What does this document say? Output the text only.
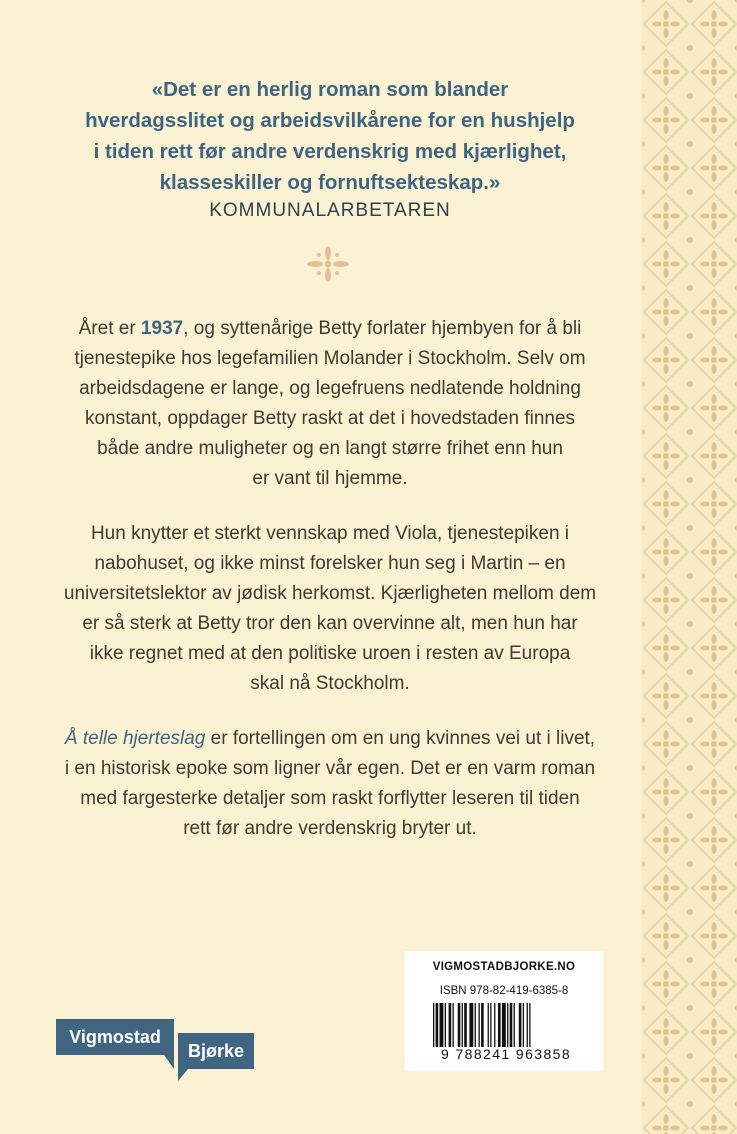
«Det er en herlig roman som blander
hverdagsslitet og arbeidsvilkårene for en hushjelp
i tiden rett før andre verdenskrig med kjærlighet,
klasseskiller og fornuftsekteskap.»
KOMMUNALARBETAREN
Året er 1937, og syttenårige Betty forlater hjembyen for å bli
tjenestepike hos legefamilien Molander i Stockholm. Selv om
arbeidsdagene er lange, og legefruens nedlatende holdning
konstant, oppdager Betty raskt at det i hovedstaden finnes
både andre muligheter og en langt større frihet enn hun
er vant til hjemme.
Hun knytter et sterkt vennskap med Viola, tjenestepiken i
nabohuset, og ikke minst forelsker hun seg i Martin – en
universitetslektor av jødisk herkomst. Kjærligheten mellom dem
er så sterk at Betty tror den kan overvinne alt, men hun har
ikke regnet med at den politiske uroen i resten av Europa
skal nå Stockholm.
Å telle hjerteslag er fortellingen om en ung kvinnes vei ut i livet,
i en historisk epoke som ligner vår egen. Det er en varm roman
med fargesterke detaljer som raskt forflytter leseren til tiden
rett før andre verdenskrig bryter ut.
Vigmostad
Bjørke
VIGMOSTADBJORKE.NO
ISBN 978-82-419-6385-8
9 788241 963858
